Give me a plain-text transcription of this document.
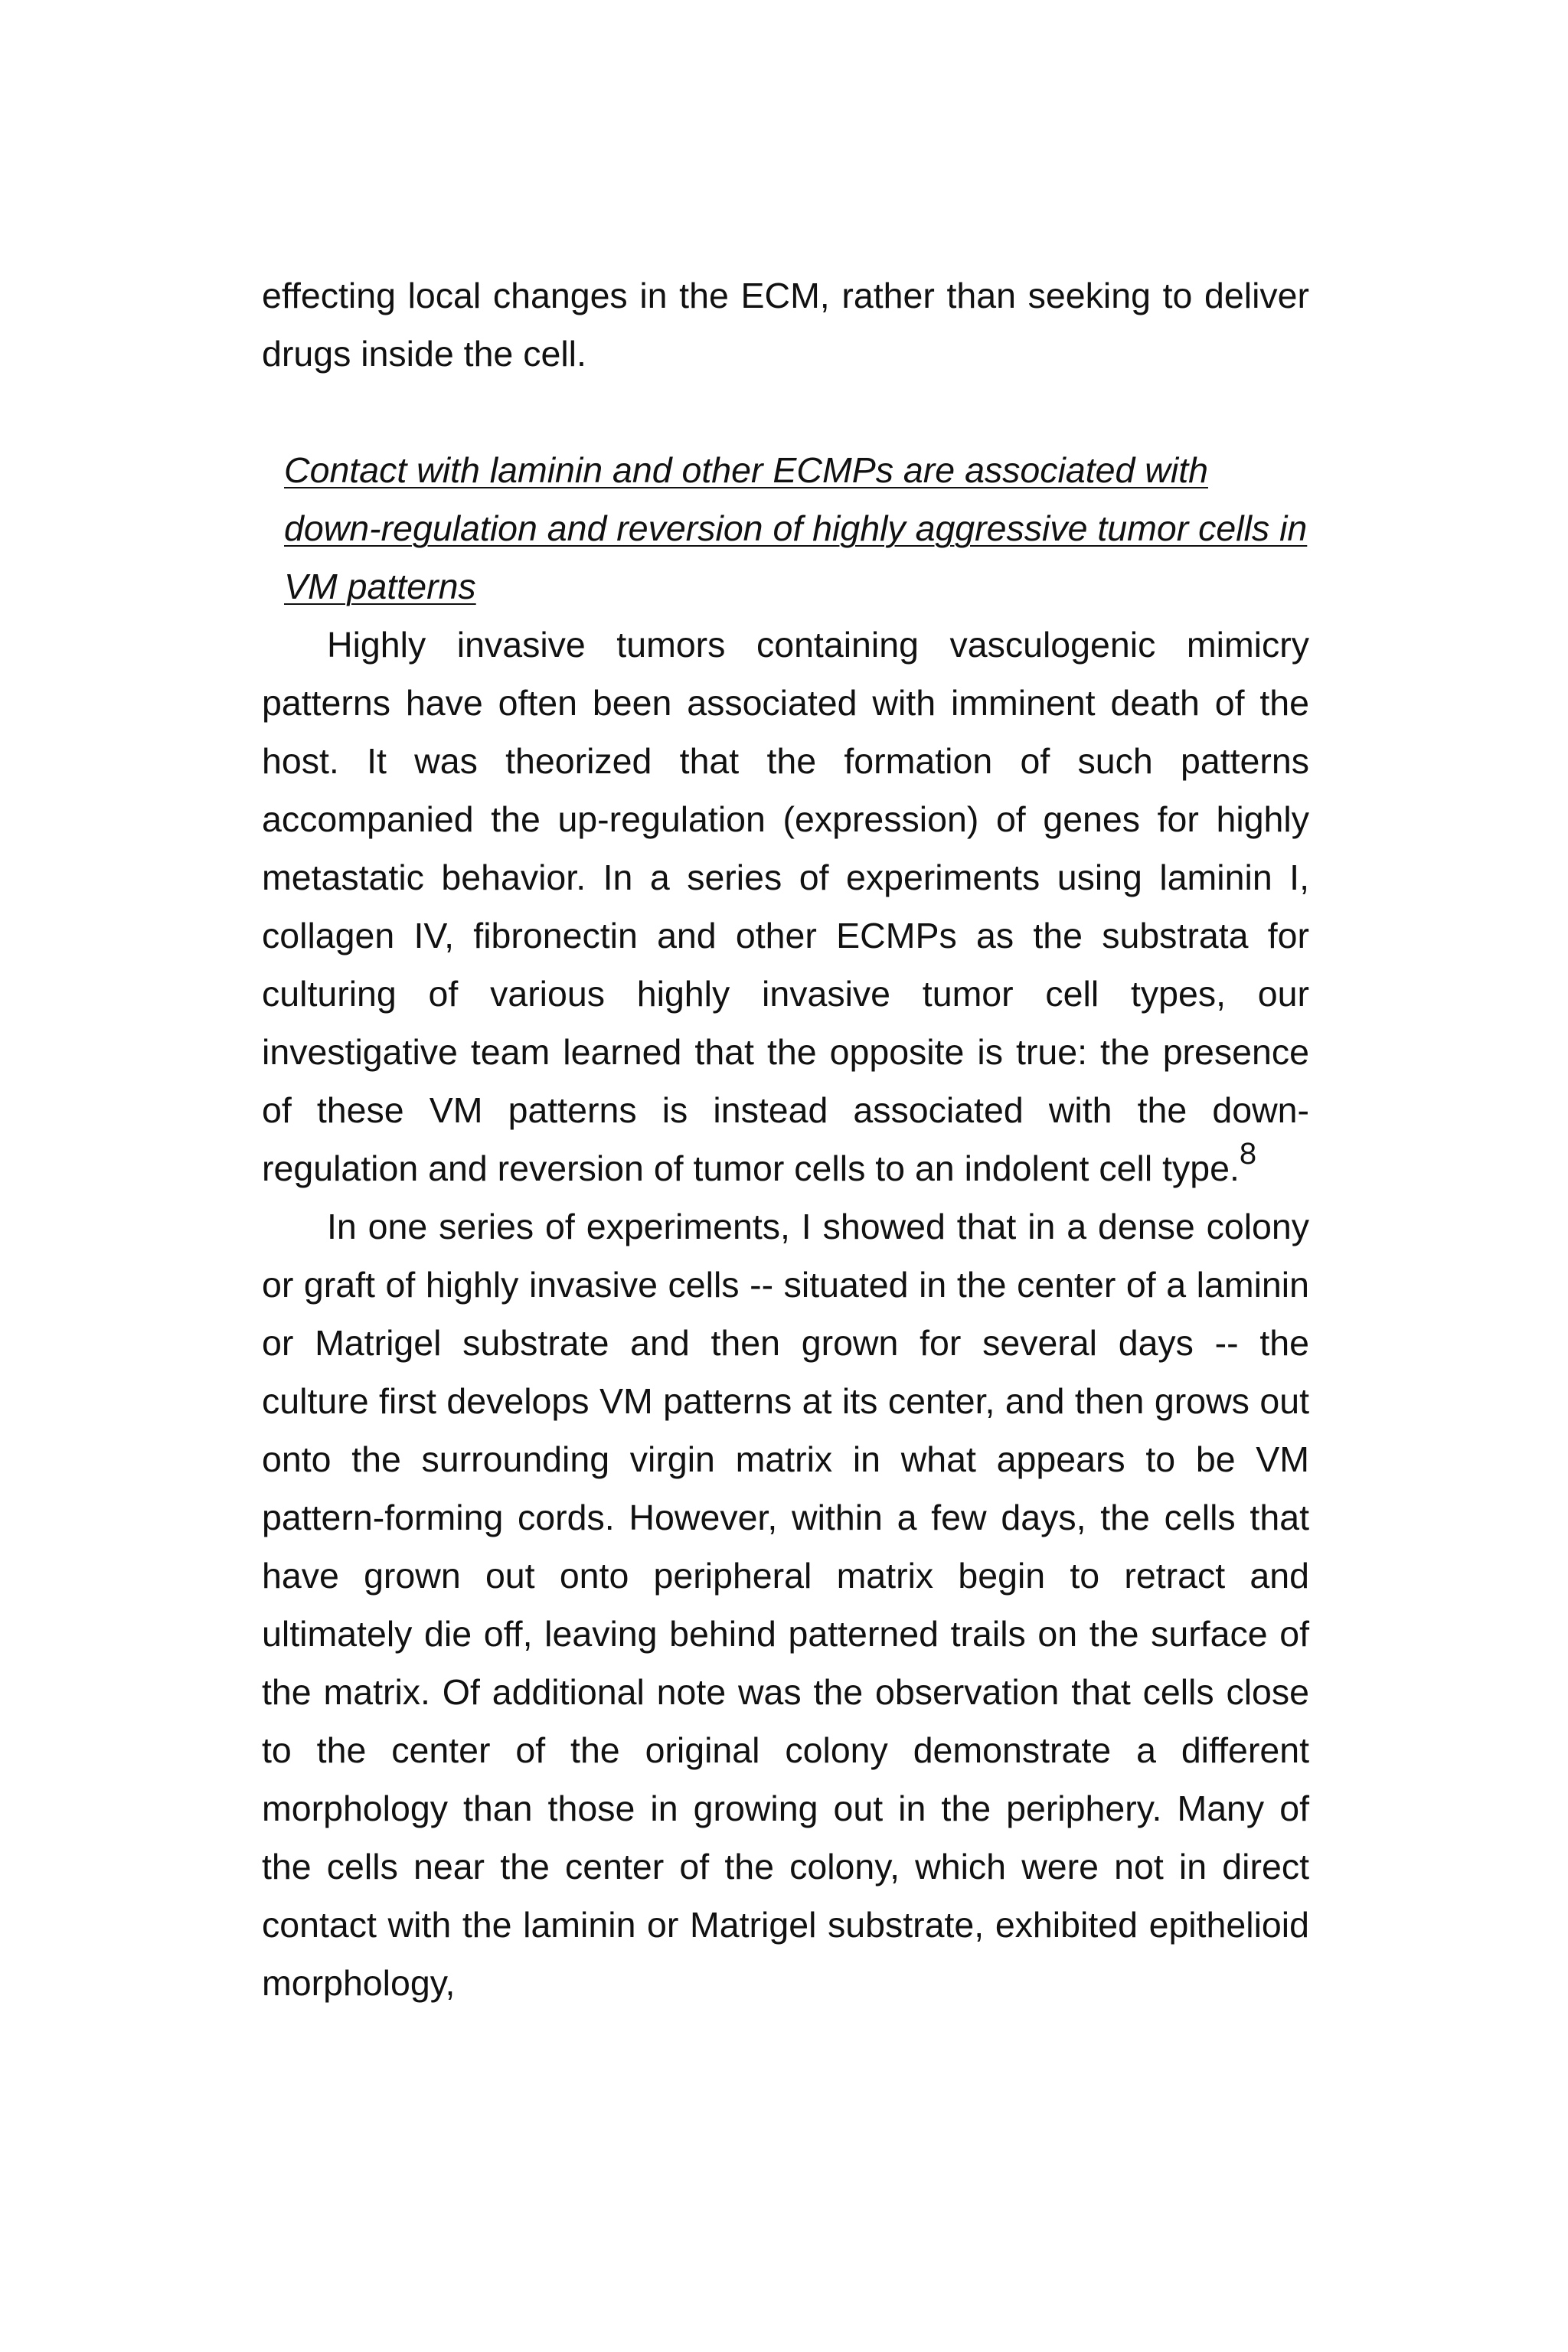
effecting local changes in the ECM, rather than seeking to deliver drugs inside the cell.

Contact with laminin and other ECMPs are associated with down-regulation and reversion of highly aggressive tumor cells in VM patterns

Highly invasive tumors containing vasculogenic mimicry patterns have often been associated with imminent death of the host. It was theorized that the formation of such patterns accompanied the up-regulation (expression) of genes for highly metastatic behavior. In a series of experiments using laminin I, collagen IV, fibronectin and other ECMPs as the substrata for culturing of various highly invasive tumor cell types, our investigative team learned that the opposite is true: the presence of these VM patterns is instead associated with the down-regulation and reversion of tumor cells to an indolent cell type.$^8$

In one series of experiments, I showed that in a dense colony or graft of highly invasive cells -- situated in the center of a laminin or Matrigel substrate and then grown for several days -- the culture first develops VM patterns at its center, and then grows out onto the surrounding virgin matrix in what appears to be VM pattern-forming cords. However, within a few days, the cells that have grown out onto peripheral matrix begin to retract and ultimately die off, leaving behind patterned trails on the surface of the matrix. Of additional note was the observation that cells close to the center of the original colony demonstrate a different morphology than those in growing out in the periphery. Many of the cells near the center of the colony, which were not in direct contact with the laminin or Matrigel substrate, exhibited epithelioid morphology,
